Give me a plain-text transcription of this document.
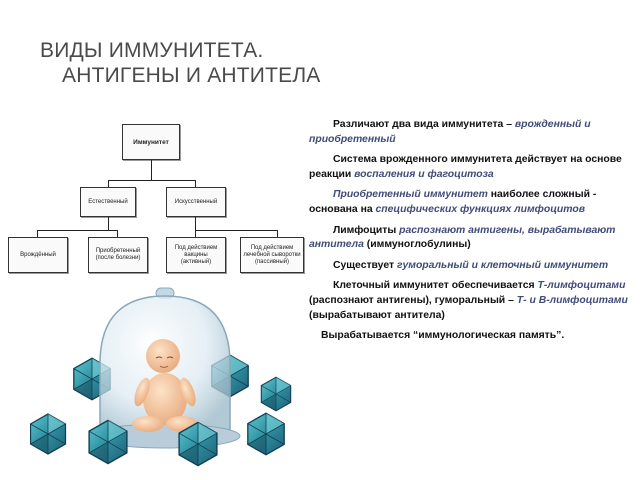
ВИДЫ ИММУНИТЕТА.
АНТИГЕНЫ И АНТИТЕЛА
Иммунитет
Естественный	Искусственный
Врождённый
Приобретенный
(после болезни)
Под действием
вакцины
(активный)
Под действием
лечебной сыворотки
(пассивный)

Различают два вида иммунитета – врожденный и приобретенный

Система врожденного иммунитета действует на основе реакции воспаления и фагоцитоза

Приобретенный иммунитет наиболее сложный - основана на специфических функциях лимфоцитов

Лимфоциты распознают антигены, вырабатывают антитела (иммуноглобулины)

Существует гуморальный и клеточный иммунитет

Клеточный иммунитет обеспечивается Т-лимфоцитами (распознают антигены), гуморальный – Т- и В-лимфоцитами (вырабатывают антитела)

Вырабатывается “иммунологическая память”.
